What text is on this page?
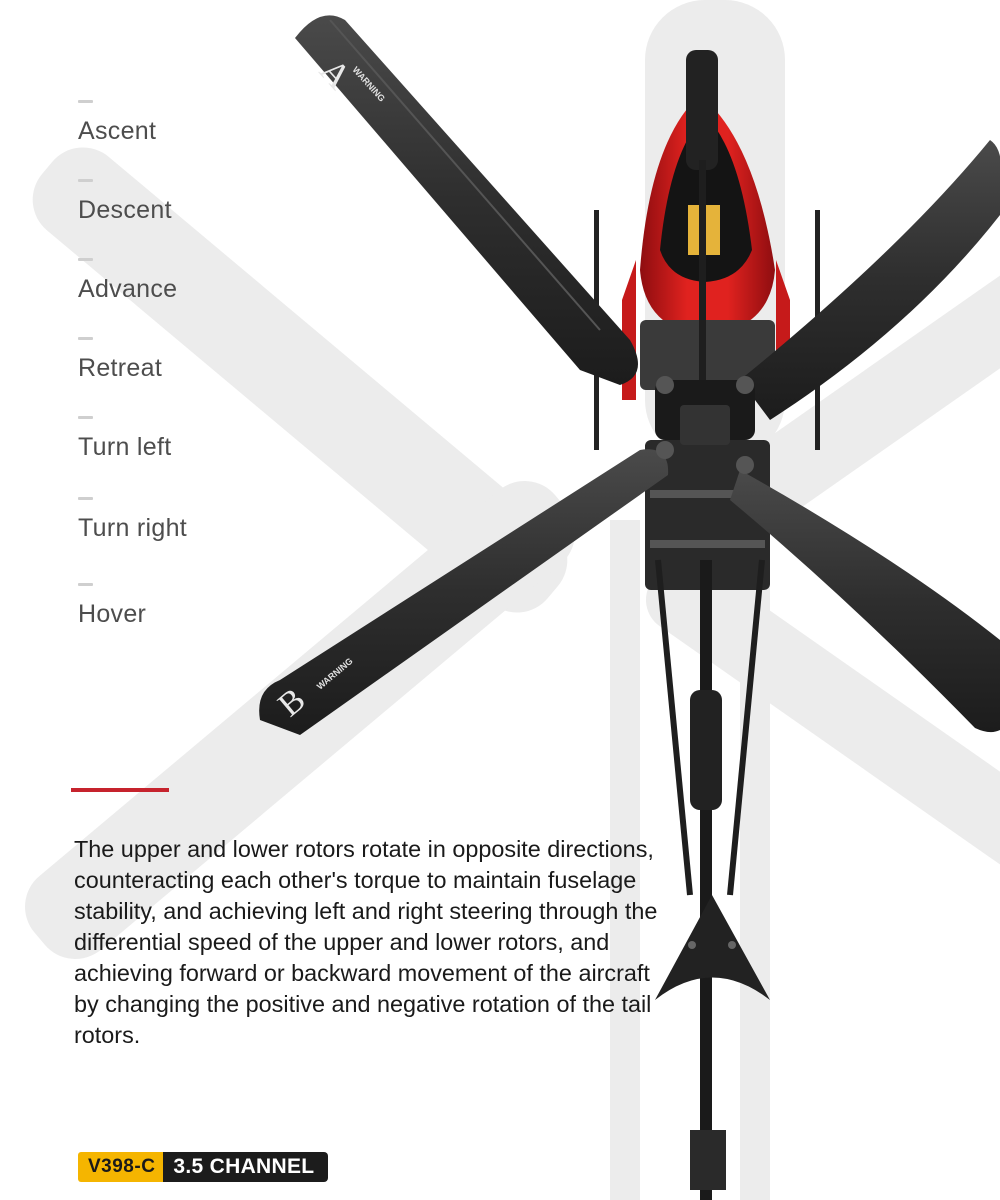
A
WARNING
B
WARNING
Ascent
Descent
Advance
Retreat
Turn left
Turn right
Hover

The upper and lower rotors rotate in opposite directions, counteracting each other's torque to maintain fuselage stability, and achieving left and right steering through the differential speed of the upper and lower rotors, and achieving forward or backward movement of the aircraft by changing the positive and negative rotation of the tail rotors.

V398-C 3.5 CHANNEL
